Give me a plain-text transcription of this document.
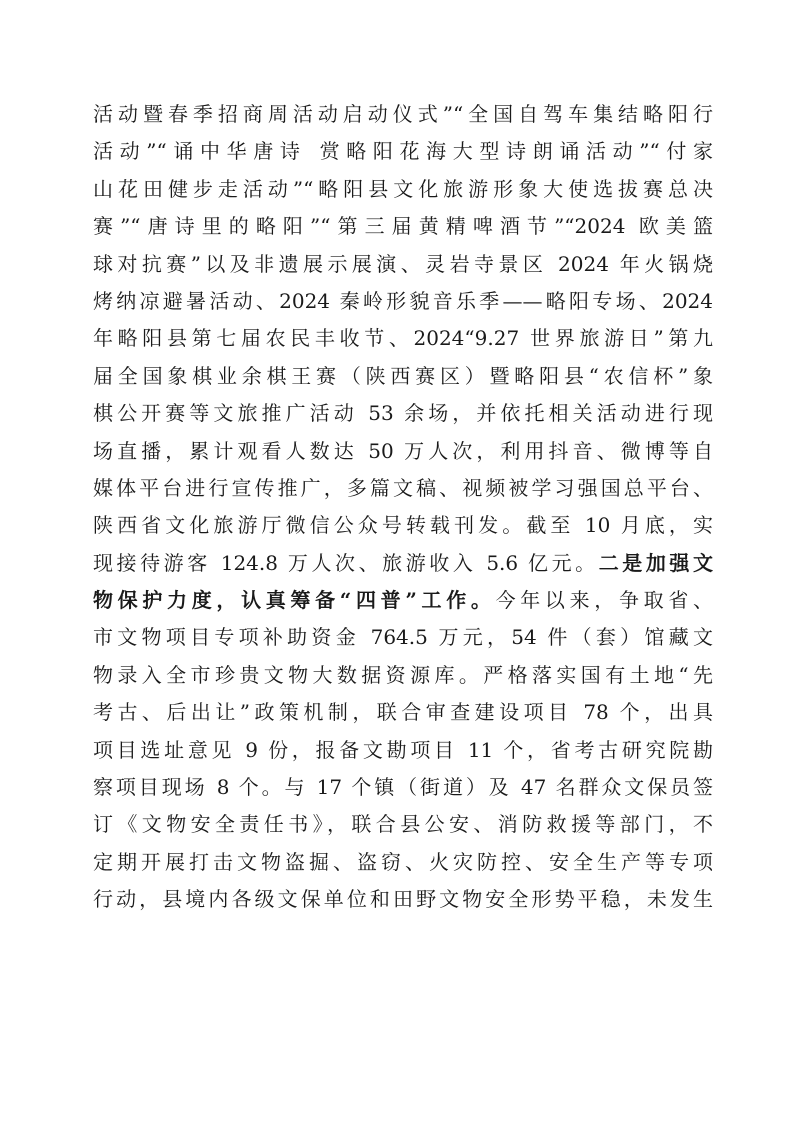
活动暨春季招商周活动启动仪式”“全国自驾车集结略阳行
活动”“诵中华唐诗 赏略阳花海大型诗朗诵活动”“付家
山花田健步走活动”“略阳县文化旅游形象大使选拔赛总决
赛”“唐诗里的略阳”“第三届黄精啤酒节”“2024 欧美篮
球对抗赛”以及非遗展示展演、灵岩寺景区 2024 年火锅烧
烤纳凉避暑活动、2024 秦岭形貌音乐季——略阳专场、2024
年略阳县第七届农民丰收节、2024“9.27 世界旅游日”第九
届全国象棋业余棋王赛（陕西赛区）暨略阳县“农信杯”象
棋公开赛等文旅推广活动 53 余场，并依托相关活动进行现
场直播，累计观看人数达 50 万人次，利用抖音、微博等自
媒体平台进行宣传推广，多篇文稿、视频被学习强国总平台、
陕西省文化旅游厅微信公众号转载刊发。截至 10 月底，实
现接待游客 124.8 万人次、旅游收入 5.6 亿元。二是加强文
物保护力度，认真筹备“四普”工作。今年以来，争取省、
市文物项目专项补助资金 764.5 万元，54 件（套）馆藏文
物录入全市珍贵文物大数据资源库。严格落实国有土地“先
考古、后出让”政策机制，联合审查建设项目 78 个，出具
项目选址意见 9 份，报备文勘项目 11 个，省考古研究院勘
察项目现场 8 个。与 17 个镇（街道）及 47 名群众文保员签
订《文物安全责任书》，联合县公安、消防救援等部门，不
定期开展打击文物盗掘、盗窃、火灾防控、安全生产等专项
行动，县境内各级文保单位和田野文物安全形势平稳，未发生
